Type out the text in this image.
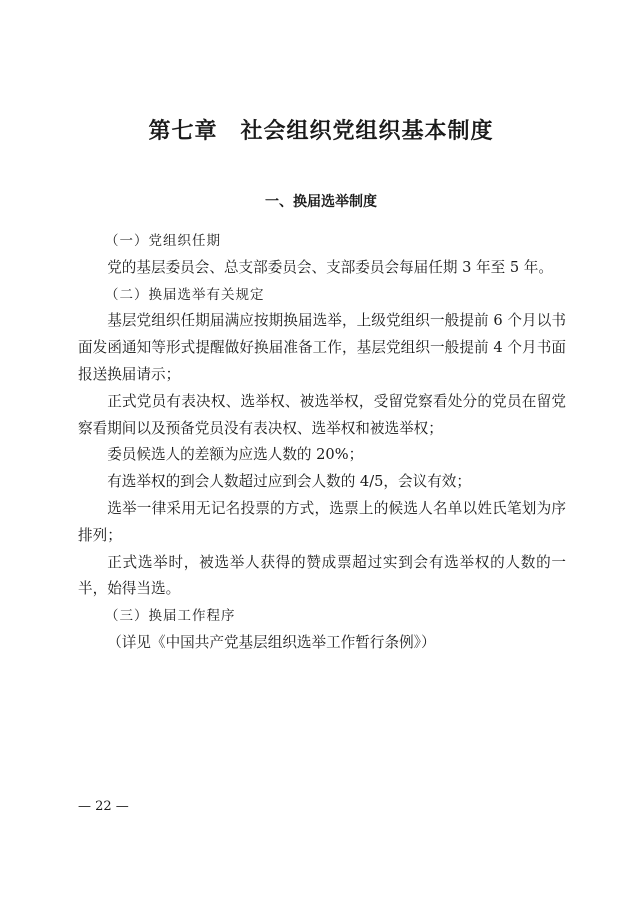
第七章　社会组织党组织基本制度
一、换届选举制度

（一）党组织任期

党的基层委员会、总支部委员会、支部委员会每届任期 3 年至 5 年。

（二）换届选举有关规定

基层党组织任期届满应按期换届选举，上级党组织一般提前 6 个月以书面发函通知等形式提醒做好换届准备工作，基层党组织一般提前 4 个月书面报送换届请示；

正式党员有表决权、选举权、被选举权，受留党察看处分的党员在留党察看期间以及预备党员没有表决权、选举权和被选举权；

委员候选人的差额为应选人数的 20%；

有选举权的到会人数超过应到会人数的 4/5，会议有效；

选举一律采用无记名投票的方式，选票上的候选人名单以姓氏笔划为序排列；

正式选举时，被选举人获得的赞成票超过实到会有选举权的人数的一半，始得当选。

（三）换届工作程序

（详见《中国共产党基层组织选举工作暂行条例》）

— 22 —
